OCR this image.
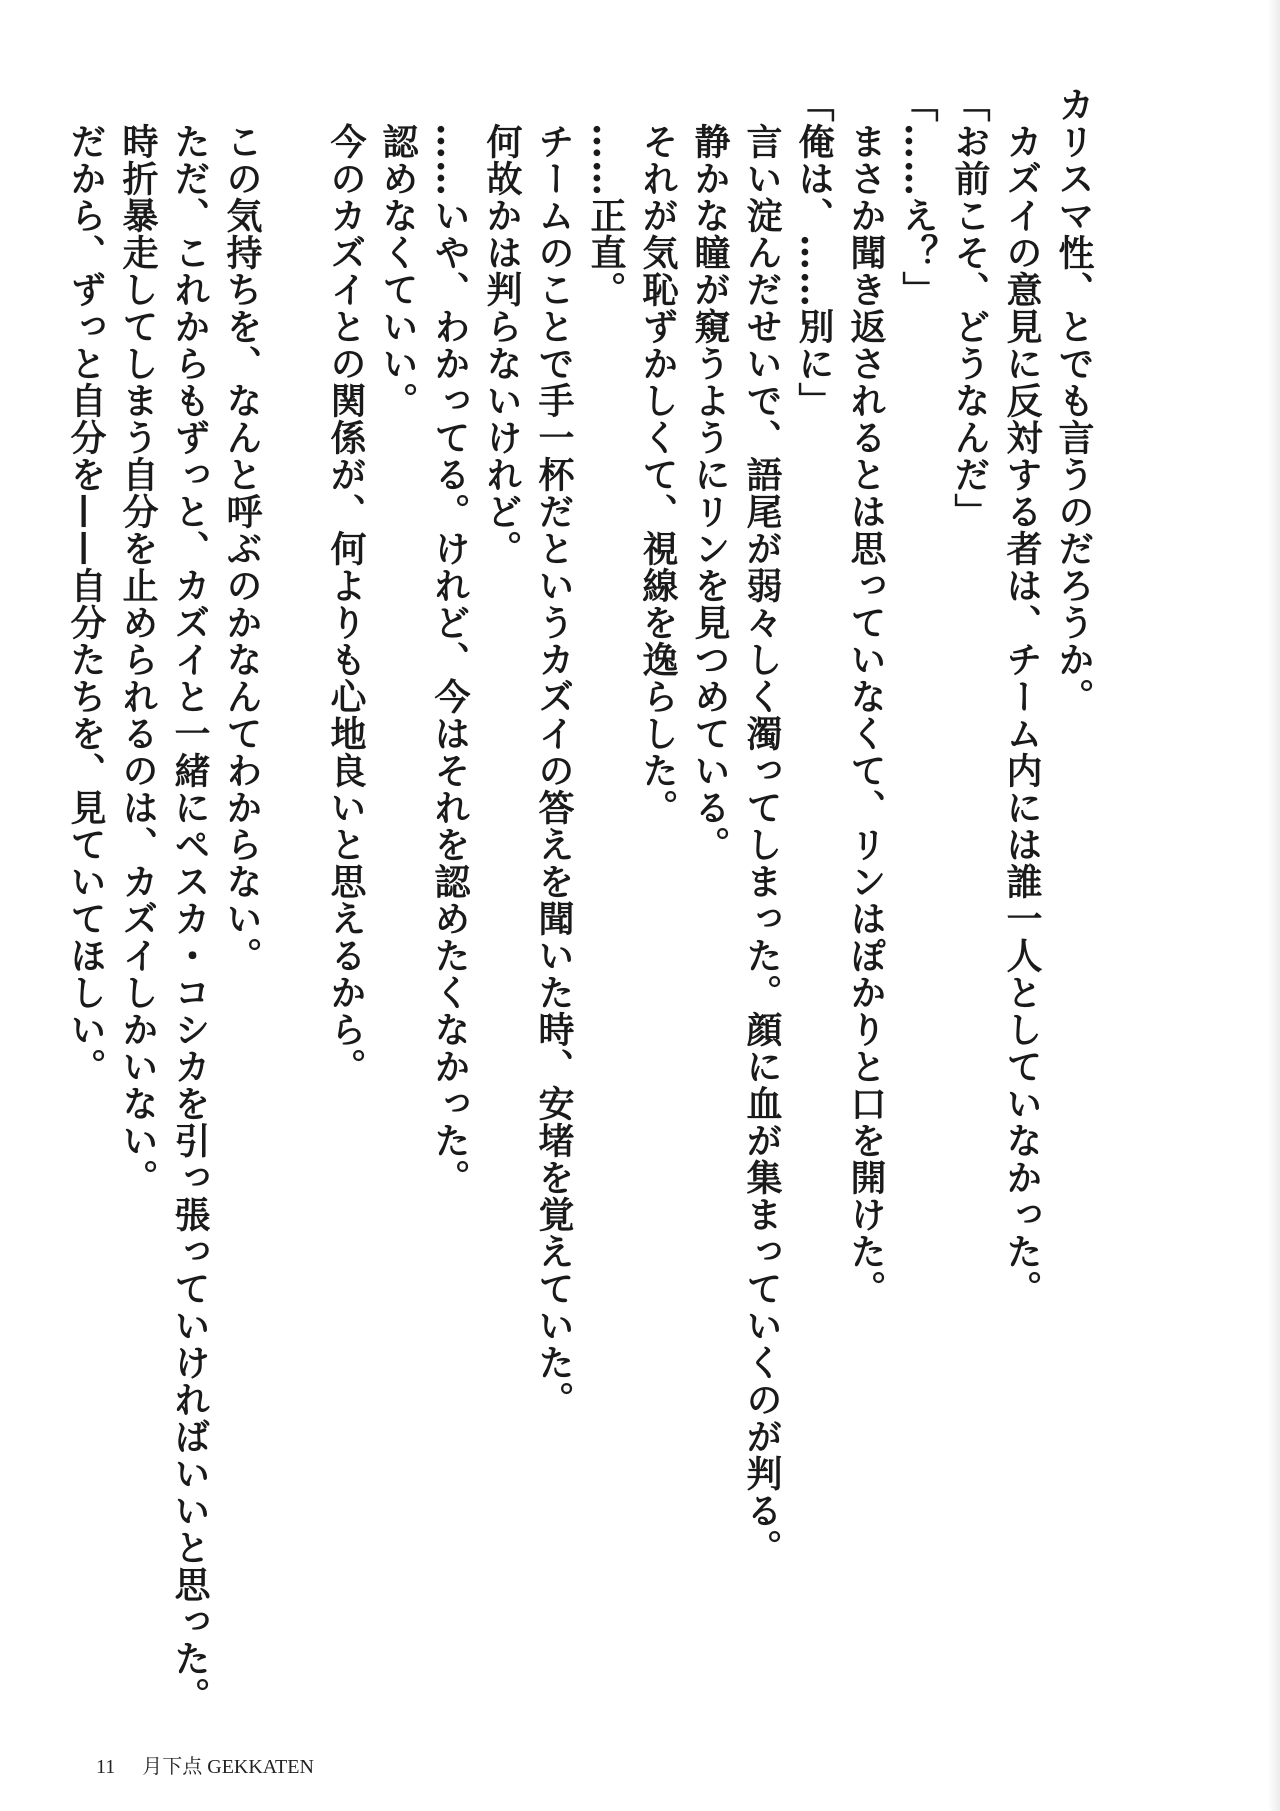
カリスマ性、とでも言うのだろうか。
　カズイの意見に反対する者は、チーム内には誰一人としていなかった。
「お前こそ、どうなんだ」
「……え？」
　まさか聞き返されるとは思っていなくて、リンはぽかりと口を開けた。
「俺は、……別に」
　言い淀んだせいで、語尾が弱々しく濁ってしまった。顔に血が集まっていくのが判る。
　静かな瞳が窺うようにリンを見つめている。
　それが気恥ずかしくて、視線を逸らした。
　……正直。
　チームのことで手一杯だというカズイの答えを聞いた時、安堵を覚えていた。
　何故かは判らないけれど。
　……いや、わかってる。けれど、今はそれを認めたくなかった。
　認めなくていい。
　今のカズイとの関係が、何よりも心地良いと思えるから。
　この気持ちを、なんと呼ぶのかなんてわからない。
　ただ、これからもずっと、カズイと一緒にペスカ・コシカを引っ張っていければいいと思った。
　時折暴走してしまう自分を止められるのは、カズイしかいない。
　だから、ずっと自分を——自分たちを、見ていてほしい。
11 月下点 GEKKATEN
